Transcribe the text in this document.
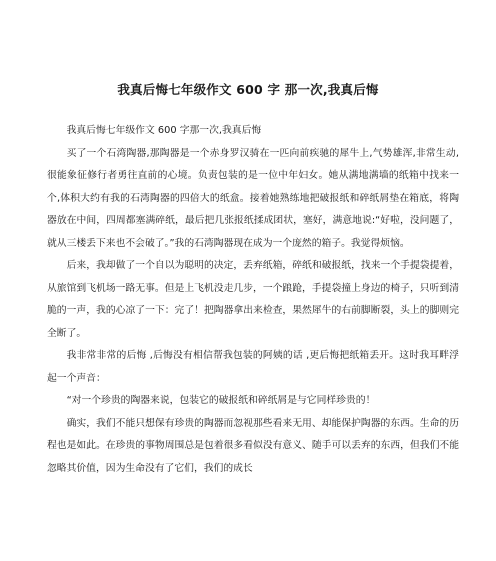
我真后悔七年级作文 600 字 那一次,我真后悔

我真后悔七年级作文 600 字那一次,我真后悔

买了一个石湾陶器,那陶器是一个赤身罗汉骑在一匹向前疾驰的犀牛上,气势雄浑,非常生动,很能象征修行者勇往直前的心境。负责包装的是一位中年妇女。她从满地满墙的纸箱中找来一个,体积大约有我的石湾陶器的四倍大的纸盒。接着她熟练地把破报纸和碎纸屑垫在箱底，将陶器放在中间，四周都塞满碎纸，最后把几张报纸揉成团状，塞好，满意地说:“好啦，没问题了，就从三楼丢下来也不会破了。”我的石湾陶器现在成为一个庞然的箱子。我觉得烦恼。

后来，我却做了一个自以为聪明的决定，丢弃纸箱，碎纸和破报纸，找来一个手提袋提着，从旅馆到飞机场一路无事。但是上飞机没走几步，一个踉跄，手提袋撞上身边的椅子，只听到清脆的一声，我的心凉了一下：完了！把陶器拿出来检查，果然犀牛的右前脚断裂，头上的脚则完全断了。

我非常非常的后悔 ,后悔没有相信帮我包装的阿姨的话 ,更后悔把纸箱丢开。这时我耳畔浮起一个声音：

“对一个珍贵的陶器来说，包装它的破报纸和碎纸屑是与它同样珍贵的！

确实，我们不能只想保有珍贵的陶器而忽视那些看来无用、却能保护陶器的东西。生命的历程也是如此。在珍贵的事物周围总是包着很多看似没有意义、随手可以丢弃的东西，但我们不能忽略其价值，因为生命没有了它们，我们的成长
